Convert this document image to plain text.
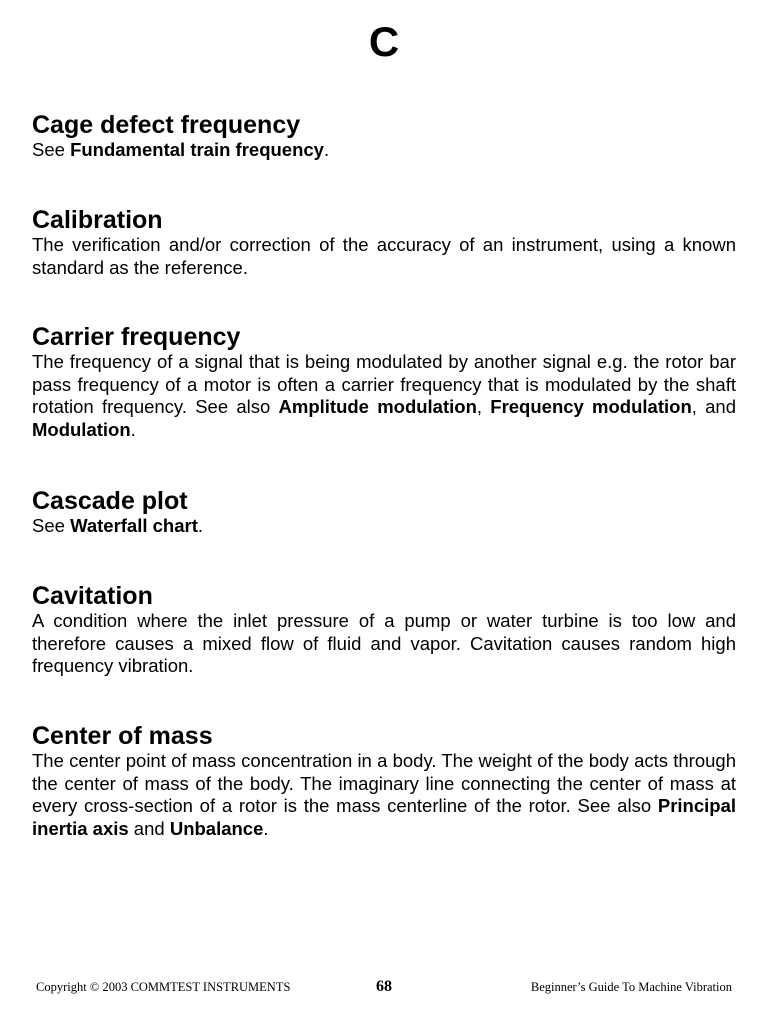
C
Cage defect frequency

See Fundamental train frequency.

Calibration

The verification and/or correction of the accuracy of an instrument, using a known standard as the reference.

Carrier frequency

The frequency of a signal that is being modulated by another signal e.g. the rotor bar pass frequency of a motor is often a carrier frequency that is modulated by the shaft rotation frequency. See also Amplitude modulation, Frequency modulation, and Modulation.

Cascade plot

See Waterfall chart.

Cavitation

A condition where the inlet pressure of a pump or water turbine is too low and therefore causes a mixed flow of fluid and vapor. Cavitation causes random high frequency vibration.

Center of mass

The center point of mass concentration in a body. The weight of the body acts through the center of mass of the body. The imaginary line connecting the center of mass at every cross-section of a rotor is the mass centerline of the rotor. See also Principal inertia axis and Unbalance.

Copyright © 2003 COMMTEST INSTRUMENTS	68	Beginner’s Guide To Machine Vibration
